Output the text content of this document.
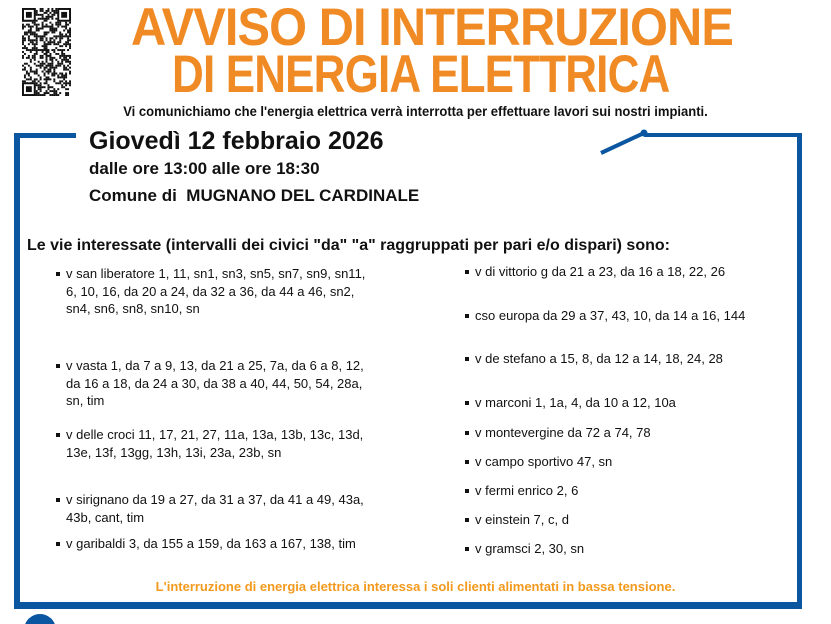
AVVISO DI INTERRUZIONE
DI ENERGIA ELETTRICA
Vi comunichiamo che l'energia elettrica verrà interrotta per effettuare lavori sui nostri impianti.
Giovedì 12 febbraio 2026
dalle ore 13:00 alle ore 18:30
Comune di  MUGNANO DEL CARDINALE
Le vie interessate (intervalli dei civici "da" "a" raggruppati per pari e/o dispari) sono:
v san liberatore 1, 11, sn1, sn3, sn5, sn7, sn9, sn11, 6, 10, 16, da 20 a 24, da 32 a 36, da 44 a 46, sn2, sn4, sn6, sn8, sn10, sn
v vasta 1, da 7 a 9, 13, da 21 a 25, 7a, da 6 a 8, 12, da 16 a 18, da 24 a 30, da 38 a 40, 44, 50, 54, 28a, sn, tim
v delle croci 11, 17, 21, 27, 11a, 13a, 13b, 13c, 13d, 13e, 13f, 13gg, 13h, 13i, 23a, 23b, sn
v sirignano da 19 a 27, da 31 a 37, da 41 a 49, 43a, 43b, cant, tim
v garibaldi 3, da 155 a 159, da 163 a 167, 138, tim
v di vittorio g da 21 a 23, da 16 a 18, 22, 26
cso europa da 29 a 37, 43, 10, da 14 a 16, 144
v de stefano a 15, 8, da 12 a 14, 18, 24, 28
v marconi 1, 1a, 4, da 10 a 12, 10a
v montevergine da 72 a 74, 78
v campo sportivo 47, sn
v fermi enrico 2, 6
v einstein 7, c, d
v gramsci 2, 30, sn
L'interruzione di energia elettrica interessa i soli clienti alimentati in bassa tensione.
